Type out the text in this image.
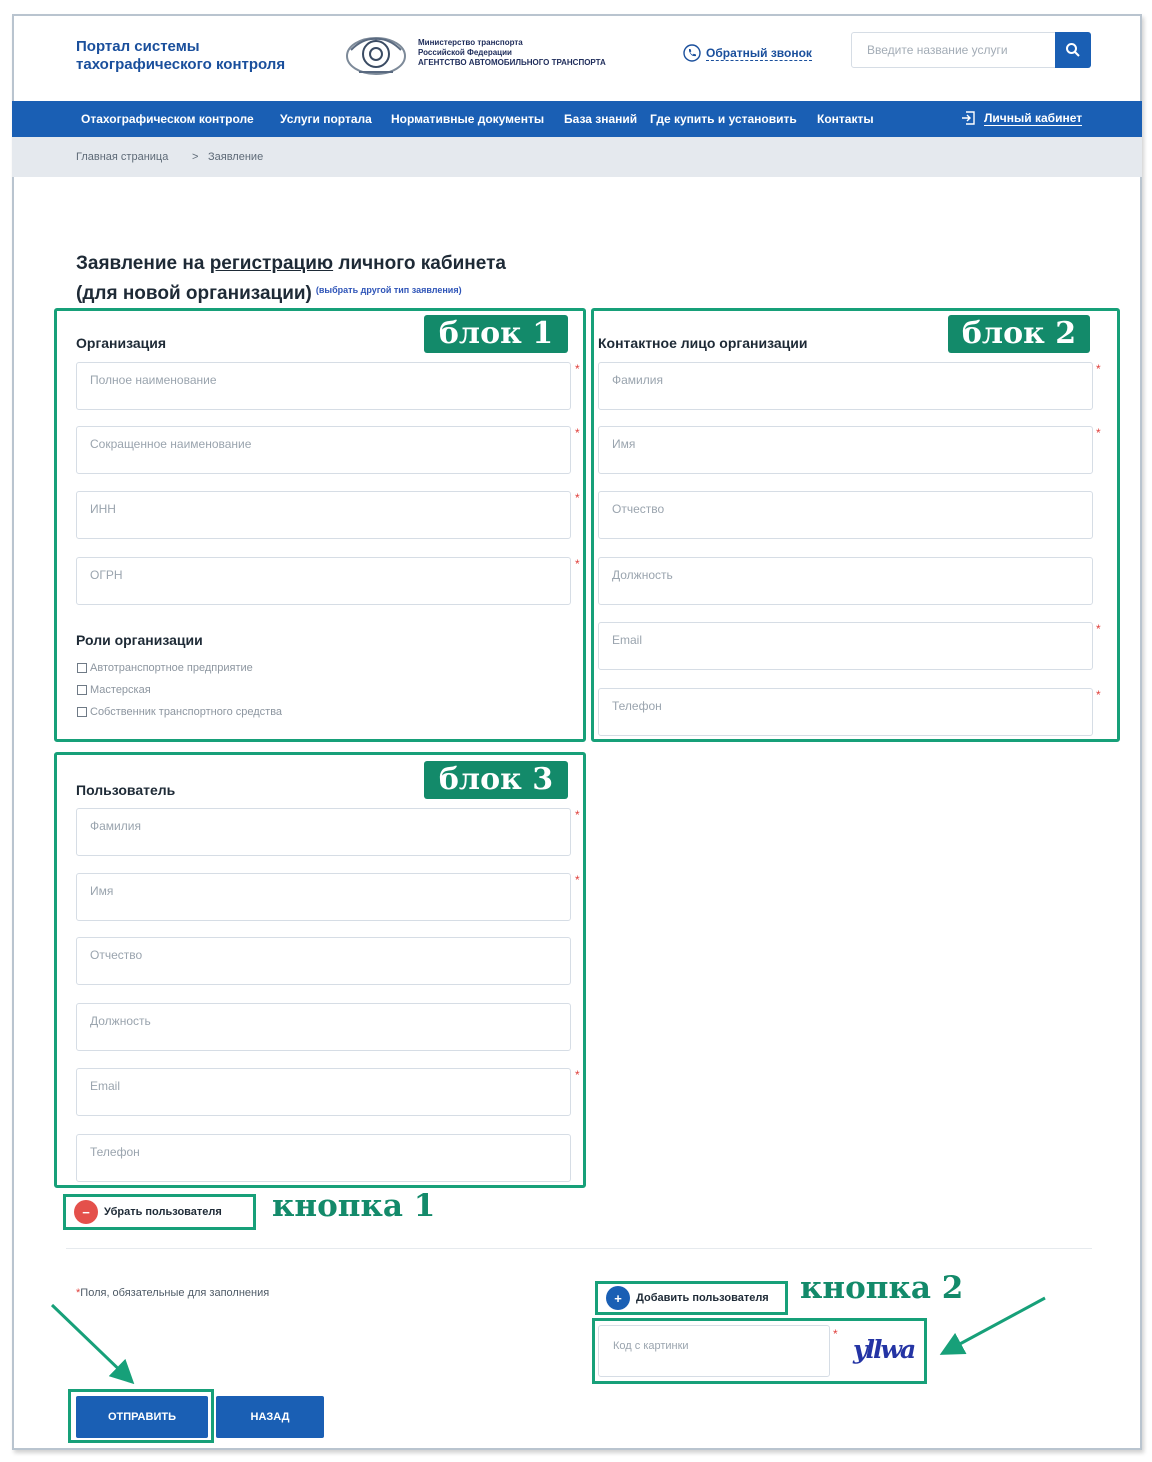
Портал системы тахографического контроля
Министерство транспорта
Российской Федерации
АГЕНТСТВО АВТОМОБИЛЬНОГО ТРАНСПОРТА
Обратный звонок
Введите название услуги
Отахографическом контроле Услуги портала Нормативные документы База знаний Где купить и установить Контакты	Личный кабинет
Главная страница > Заявление
Заявление на регистрацию личного кабинета
(для новой организации) $^{(выбрать другой тип заявления)}$
блок 1
Организация
Полное наименование
*
Сокращенное наименование
*
ИНН
*
ОГРН
*
Роли организации
Автотранспортное предприятие
Мастерская
Собственник транспортного средства
блок 2
Контактное лицо организации
Фамилия
*
Имя
*
Отчество
Должность
Email
*
Телефон
*
блок 3
Пользователь
Фамилия
*
Имя
*
Отчество
Должность
Email
*
Телефон
−	Убрать пользователя кнопка 1
*Поля, обязательные для заполнения	+	Добавить пользователя кнопка 2
Код с картинки
*
yllwa
ОТПРАВИТЬ	НАЗАД
